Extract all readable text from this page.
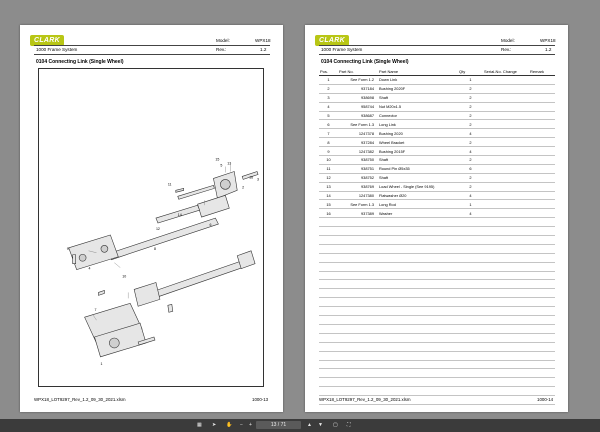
CLARK	Model:	WPX18
1000 Frame System	Rev.:	1.2
0104 Connecting Link (Single Wheel)
15
13
5
2
16 3
11
6
14
12
8
9
4
10
7
1
WPX18_LOT9297_Rev_1.2_09_30_2021.xlsm	1000-13
CLARK	Model:	WPX18
1000 Frame System	Rev.:	1.2
0104 Connecting Link (Single Wheel)
Pos.	Part No.	Part Name	Qty	Serial-No. Change	Remark
1	See Form 1.2	Down Link	1		
2	937184	Bushing 2020F	2		
3	938698	Shaft	2		
4	958744	Nut M20x1.5	2		
5	938687	Connector	2		
6	See Form 1.3	Long Link	2		
7	1247378	Bushing 2020	4		
8	937284	Wheel Bracket	2		
9	1247382	Bushing 2015F	4		
10	938750	Shaft	2		
11	938751	Round Pin Ø5x35	6		
12	938752	Shaft	2		
13	938769	Load Wheel - Single (See 9195)	2		
14	1247380	Flatwasher Ø20	4		
15	See Form 1.3	Long Rod	1		
16	937389	Washer	4		

WPX18_LOT9297_Rev_1.2_09_30_2021.xlsm	1000-14
▦ ➤ ✋ − +	13 / 71	▲ ▼ ▢ ⛶
